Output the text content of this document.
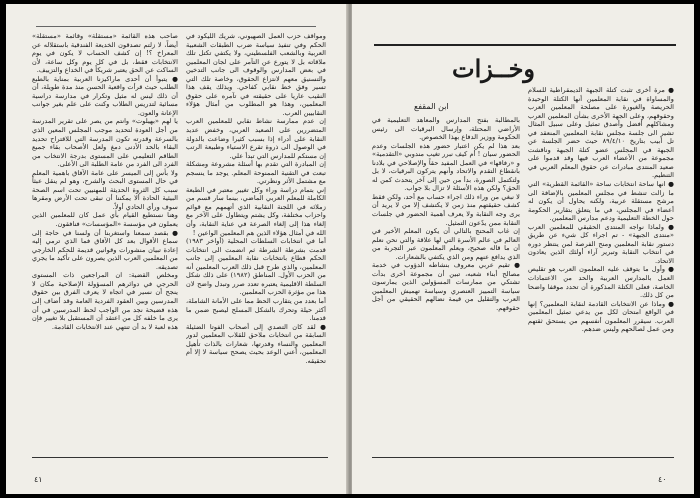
ومواقف حزب العمل الصهيوني، شريك الليكود في الحكم وفي تنفيذ سياسة ضرب الطبقات الشعبية العربية وبالشعب الفلسطيني، ولا يكتفي تكتل تلك ملاقاته بل لا يتورع عن التآمر على لجان المعلمين في بعض المدارس والوقوف الى جانب التدخين والتسنيق معهم لانتزاع الحقوق، وخاصة تلك التي تسير وفق خط نقابي كفاحي. ويذلك يقف هذا النقيب عاريا على حقيقته في تآمره على حقوق المعلمين، وهذا هو المطلوب من أمثال هؤلاء النقابيين العرب.

إن عدم ممارسة نشاط نقابي للمعلمين العرب المتضررين على الصعيد العربي، وخفض عديد النقابة على أدراء إذا بسبب كثيرا وضاعت بالدولة في الوصول الى ذروة تقرع الاستياء وطبيعة الرتب إن مستكم للمدارس التي تبدأ علي.

إن المبادرة التي تقدم بها أسئلة مشروعة ومشكلة تبعت في التقنية الممنوحة المعلم. يوجد ما ينسجم مع مشتمل الأثر ونظرتي.

إني بتمام دراسة وراء وكل تغيير معتبر في الطبعة الكاملة للمعلم العربي الماضي، بينما سار قسم من زملائه في اللجنة النقابية الذي أتهمهم مع قوائم واحزاب مختلفة، وكل يشتم ويتطاول على الآخر مع إلغاء هذا إلى إلغاء الصرعة في عناية النقابة، وأن الله في أمثال هؤلاء الذين هم المعلمين الواعين !

أما في انتخابات السلطات المحلية (أواخر ۱۹۸۳) قدمت بشرطة الشرطة ثم انضمت الى انتخابات الحكم قطاع بانتخابات نقابة المعلمين إلى جانب المعلمين، والذي طرح قبل ذلك العرب المعلمين أنه من الحزب الأول. المناطق (۱۹۸۲) على ذلك شكل السلطة الاقليمية يعتبره تعدد صرر وتبدل واضح لان هذا من مؤثرة الحزب المعلمين.

أما بعدد من يتقارب الحظ مما على الأمانة الشاملة، أكثر حيلة وتحرك بالشكل المسلح ليصبح ضمن ما قدمنا.

● لقد كان التصدي إلى أصحاب الفوتا الضئيلة السابقة من انتخابات ملاحق للقلاب المعلمين لدور المعلمين والنساء وقدرتها، شعارات بالذات تأهيل المعلمين، أعني الوعد بحيث يصحح سياسة لا إلا أم تحقيقه.

صاحب هذه القائمة «مستقلة» وقائمة «مستقلة» أيضاً، لا زلتم تصدقون الخديعة الفندقية باستقلاله عن المعراخ ؟! إن كشف الحساب لا يكون في يوم الانتخابات فقط، بل في كل يوم وكل ساعة، لأن الساكت عن الحق يعتبر شريكاً في الخداع والتزييف.

● يتبوأ أن أحدى ماراكيزنا العربية بمناية بالطبع الطلب حيث قرأت واقعية الحسن منذ مدة طويلة، أن أن ذلك ليس له مثيل وتكرار في مدارسة دراسية مسائية لتدريس الطلاب وكنت على علم بغير جوانب الإعانة والعون.

يا لهم «بهيلوت» وانتم من يصر على تقرير المدرسة من أجل العودة لتحديد موجب المجلس المعين الذي بالسرعة وقدرته تكون المدرسة التي للاقتراح تحديد البقاء بالحد الأدنى دمغ ولعل الأصحاب بقاء جميع الطاقم التعليمي على المستوى بدرجة الانتخاب من الفرد الى الفرد من عامة الطلبة الى الأعلى.

ولا بأس إلى الميسر على عامة الآفاق باهمية المعلم في حال المستوى البحث والشرح، وهو لم ينقل عبثاً سبب كل الثروة الحديثة للمهنيين تحت اسم الصحة البيئية الحادة ألا يمكننا أن نبقى تحت الأرض ومقرها سوف ورأي الحادي أولاً.

وهنا نستطيع القيام بأي عمل كان للمعلمين الذين يعملون في مؤسسة «المؤسسات» فنافقون.

● بقصد سمعنا واستغربنا أن ولسنا في حاجة إلى سماع الأقوال بعد كل الآفاق فما الذي ترمي إليه إعادة تبيان منشورات وقوانين قديمة للحكم الخارجي من المعلمين العرب الذين يصرون على تأكيد ما يجري تصديقه.

ومخلص القضية: ان المراجعين ذات المستوى الحرجي في دوائرهم المسؤولة الإصلاحية مكان لا ينجح أن نسير في اتجاه لا يعرف الفرق بين حقوق المدرسين وبين العقود الفردية العامة وقد أضاف إلى هذه فضيحة نجد من الواجب لحظ المدرسين في أن يرى ما خلفه كل من اعتقد أن المستقبل بلا تغيير فإن هذه لعبة لا بد أن تنتهي عند الانتخابات القادمة.

٤١
وخــزات
ابن المقفع

● مرة أخرى تثبت كتلة الجبهة الديمقراطية للسلام والمساواة في نقابة المعلمين أنها الكتلة الوحيدة الحريصة والغيورة على مصلحة المعلمين العرب وحقوقهم، وعلى الجهة الأخرى بشأن المعلمين العرب ومشاكلهم أفضل وأصدق تمثيل وعلى سبيل المثال تشير الى جلسة مجلس نقابة المعلمين المنعقد في تل أبيب بتاريخ ۸۹/٤/۱۰ حيث حضر الجلسة عن الجبهة في المجلس عضو كتلة الجبهة وناقشت مجموعة من الأعضاء العرب فيها وقد قدموا على صعيد المنتدى مبادرات عن حقوق المعلم العربي في التنظيم.

● انها ساحة انتخابات ساحة «القائمة القطرية» التي ما زالت تنشط في مجلس المعلمين بالإضافة الى مرشح مستقلة عربية، ولكنه يحاول أن يكون له أعضاء في المجلس، في ما يتعلق بتقارير الحكومة حول الخطة التعليمية ودعم مدارس المعلمين.

● ولماذا نواجه المنتدى الحقيقي للمعلمين العرب «منتدى الجبهة» - تم اجراء كل شيء عن طريق دستور نقابة المعلمين ومنح الفرصة لمن ينتظر دوره في انتخاب النقابة وتبرير آراء أولئك الذين يعادون الاتحاد.

● وأول ما يتوقف عليه المعلمون العرب هو تقليص العمل بالمدارس العربية والحد من الاعتمادات الخاصة، فعلى الكتلة المذكورة أن تحدد موقفا واضحا من كل ذلك.

● وماذا عن الانتخابات القادمة لنقابة المعلمين؟ إنها في الواقع امتحان لكل من يدعي تمثيل المعلمين العرب. سيقرر المعلمون أنفسهم من يستحق ثقتهم ومن عمل لصالحهم وليس ضدهم.

بالمطالبة بفتح المدارس والمعاهد التعليمية في الأراضي المحتلة، وإرسال البرقيات الى رئيس الحكومة ووزير الدفاع بهذا الخصوص.

بعد هذا لم يكن اعتبار حضور هذه الجلسات وعدم الحضور سيان ! أم كيف نبرر تغيب مندوبي «التقدمية» و «رفاقها» في العمل المفيد حقاً والإصلاحي في بلادنا بانقطاع التقدم والاتحاد وأنهم يتركون البرقيات، لا بل ولتكتمل الصورة، بدأ من حين إلى آخر يتحدث كمن له الحق؟ ولكن هذه الأسئلة لا تزال بلا جواب.

لا نبغي من وراء ذلك اجراء حساب مع أحد، ولكن فقط كشف حقيقتهم منذ زمن لا يكتشف إلا من لا يريد أن يرى وجه النقابة ولا يعرف أهمية الحضور في جلسات النقابة ممن يدّعون التمثيل.

إن غاب المحتج بالتالي أن يكون المعلم الأخير في العالم في عالم الأسرة التي لها علاقة والتي نحن نعلم أن ما قاله صحيح، ويعلم المعلمون عبر التجربة من الذي يدافع عنهم ومن الذي يكتفي بالشعارات.

● تقيم عربي معروف بنشاطه الدؤوب في خدمة مصالح أبناء شعبه، تبين أن مجموعة أخرى بدأت تشتكي من ممارسات المسؤولين الذين يمارسون سياسة التمييز العنصري وسياسة تهميش المعلمين العرب والتقليل من قيمة نضالهم الحقيقي من أجل حقوقهم.

٤٠
